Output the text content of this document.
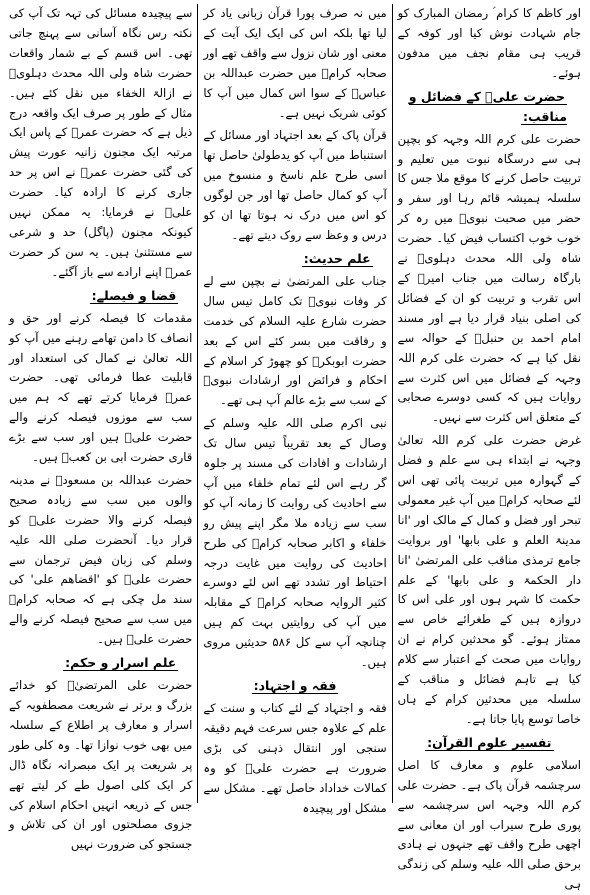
اور کاظم کا کرام ؑ رمضان المبارک کو جام شہادت نوش کیا اور کوفہ کے قریب ہی مقام نجف میں مدفون ہوئے۔

حضرت علیؓ کے فضائل و مناقب:

حضرت علی کرم اللہ وجہہ کو بچپن ہی سے درسگاہ نبوت میں تعلیم و تربیت حاصل کرنے کا موقع ملا جس کا سلسلہ ہمیشہ قائم رہا اور سفر و حضر میں صحبت نبویؐ میں رہ کر خوب خوب اکتساب فیض کیا۔ حضرت شاہ ولی اللہ محدث دہلویؒ نے بارگاہ رسالت میں جناب امیرؓ کے اس تقرب و تربیت کو ان کے فضائل کی اصلی بنیاد قرار دیا ہے اور مسند امام احمد بن حنبلؒ کے حوالہ سے نقل کیا ہے کہ حضرت علی کرم اللہ وجہہ کے فضائل میں اس کثرت سے روایات ہیں کہ کسی دوسرے صحابی کے متعلق اس کثرت سے نہیں۔

غرض حضرت علی کرم اللہ تعالیٰ وجہہ نے ابتداء ہی سے علم و فضل کے گہوارہ میں تربیت پائی تھی اس لئے صحابہ کرامؓ میں آپ غیر معمولی تبحر اور فضل و کمال کے مالک اور 'انا مدینۃ العلم و علی بابھا' اور بروایت جامع ترمذی مناقب علی المرتضیٰ 'انا دار الحکمۃ و علی بابھا' کے علم حکمت کا شہر ہوں اور علی اس کا دروازہ ہیں کے طغرائے خاص سے ممتاز ہوئے۔ گو محدثین کرام نے ان روایات میں صحت کے اعتبار سے کلام کیا ہے تاہم فضائل و مناقب کے سلسلہ میں محدثین کرام کے ہاں خاصا توسع پایا جاتا ہے۔

تفسیر علوم القرآن:

اسلامی علوم و معارف کا اصل سرچشمہ قرآن پاک ہے۔ حضرت علی کرم اللہ وجہہ اس سرچشمہ سے پوری طرح سیراب اور ان معانی سے اچھی طرح واقف تھے جنہوں نے ہادی برحق صلی اللہ علیہ وسلم کی زندگی ہی

میں نہ صرف پورا قرآن زبانی یاد کر لیا تھا بلکہ اس کی ایک ایک آیت کے معنی اور شان نزول سے واقف تھے اور صحابہ کرامؓ میں حضرت عبداللہ بن عباسؓ کے سوا اس کمال میں آپ کا کوئی شریک نہیں ہے۔

قرآن پاک کے بعد اجتہاد اور مسائل کے استنباط میں آپ کو یدطولیٰ حاصل تھا اسی طرح علم ناسخ و منسوخ میں آپ کو کمال حاصل تھا اور جن لوگوں کو اس میں درک نہ ہوتا تھا ان کو درس و وعظ سے روک دیتے تھے۔

علم حدیث:

جناب علی المرتضیٰ نے بچپن سے لے کر وفات نبویؐ تک کامل تیس سال حضرت شارع علیہ السلام کی خدمت و رفاقت میں بسر کئے اس کے بعد حضرت ابوبکرؓ کو چھوڑ کر اسلام کے احکام و فرائض اور ارشادات نبویؐ کے سب سے بڑے عالم آپ ہی تھے۔

نبی اکرم صلی اللہ علیہ وسلم کے وصال کے بعد تقریباً تیس سال تک ارشادات و افادات کی مسند پر جلوہ گر رہے اس لئے تمام خلفاء میں آپ سے احادیث کی روایت کا زمانہ آپ کو سب سے زیادہ ملا مگر اپنے پیش رو خلفاء و اکابر صحابہ کرامؓ کی طرح احادیث کی روایت میں غایت درجہ احتیاط اور تشدد تھے اس لئے دوسرے کثیر الروایہ صحابہ کرامؓ کے مقابلہ میں آپ کی روایتیں بہت کم ہیں چنانچہ آپ سے کل ۵۸۶ حدیثیں مروی ہیں۔

فقہ و اجتہاد:

فقہ و اجتہاد کے لئے کتاب و سنت کے علم کے علاوہ جس سرعت فہم دقیقہ سنجی اور انتقال ذہنی کی بڑی ضرورت ہے حضرت علیؓ کو وہ کمالات خداداد حاصل تھے۔ مشکل سے مشکل اور پیچیدہ

سے پیچیدہ مسائل کی تہہ تک آپ کی نکتہ رس نگاہ آسانی سے پہنچ جاتی تھی۔ اس قسم کے بے شمار واقعات حضرت شاہ ولی اللہ محدث دہلویؒ نے ازالۃ الخفاء میں نقل کئے ہیں۔ مثال کے طور پر صرف ایک واقعہ درج ذیل ہے کہ حضرت عمرؓ کے پاس ایک مرتبہ ایک مجنون زانیہ عورت پیش کی گئی حضرت عمرؓ نے اس پر حد جاری کرنے کا ارادہ کیا۔ حضرت علیؓ نے فرمایا: یہ ممکن نہیں کیونکہ مجنون (پاگل) حد و شرعی سے مستثنیٰ ہیں۔ یہ سن کر حضرت عمرؓ اپنے ارادے سے باز آگئے۔

قضا و فیصلے:

مقدمات کا فیصلہ کرنے اور حق و انصاف کا دامن تھامے رہنے میں آپ کو اللہ تعالیٰ نے کمال کی استعداد اور قابلیت عطا فرمائی تھی۔ حضرت عمرؓ فرمایا کرتے تھے کہ ہم میں سب سے موزوں فیصلہ کرنے والے حضرت علیؓ ہیں اور سب سے بڑے قاری حضرت ابی بن کعبؓ ہیں۔

حضرت عبداللہ بن مسعودؓ نے مدینہ والوں میں سب سے زیادہ صحیح فیصلہ کرنے والا حضرت علیؓ کو قرار دیا۔ آنحضرت صلی اللہ علیہ وسلم کی زبان فیض ترجمان سے حضرت علیؓ کو 'اقضاھم علی' کی سند مل چکی ہے کہ صحابہ کرامؓ میں سب سے صحیح فیصلہ کرنے والے حضرت علیؓ ہیں۔

علم اسرار و حکم:

حضرت علی المرتضیٰؓ کو خدائے بزرگ و برتر نے شریعت مصطفویہ کے اسرار و معارف پر اطلاع کے سلسلہ میں بھی خوب نوازا تھا۔ وہ کلی طور پر شریعت پر ایک مبصرانہ نگاہ ڈال کر ایک کلی اصول طے کر لیتے تھے جس کے ذریعہ انہیں احکام اسلام کی جزوی مصلحتوں اور ان کی تلاش و جستجو کی ضرورت نہیں
